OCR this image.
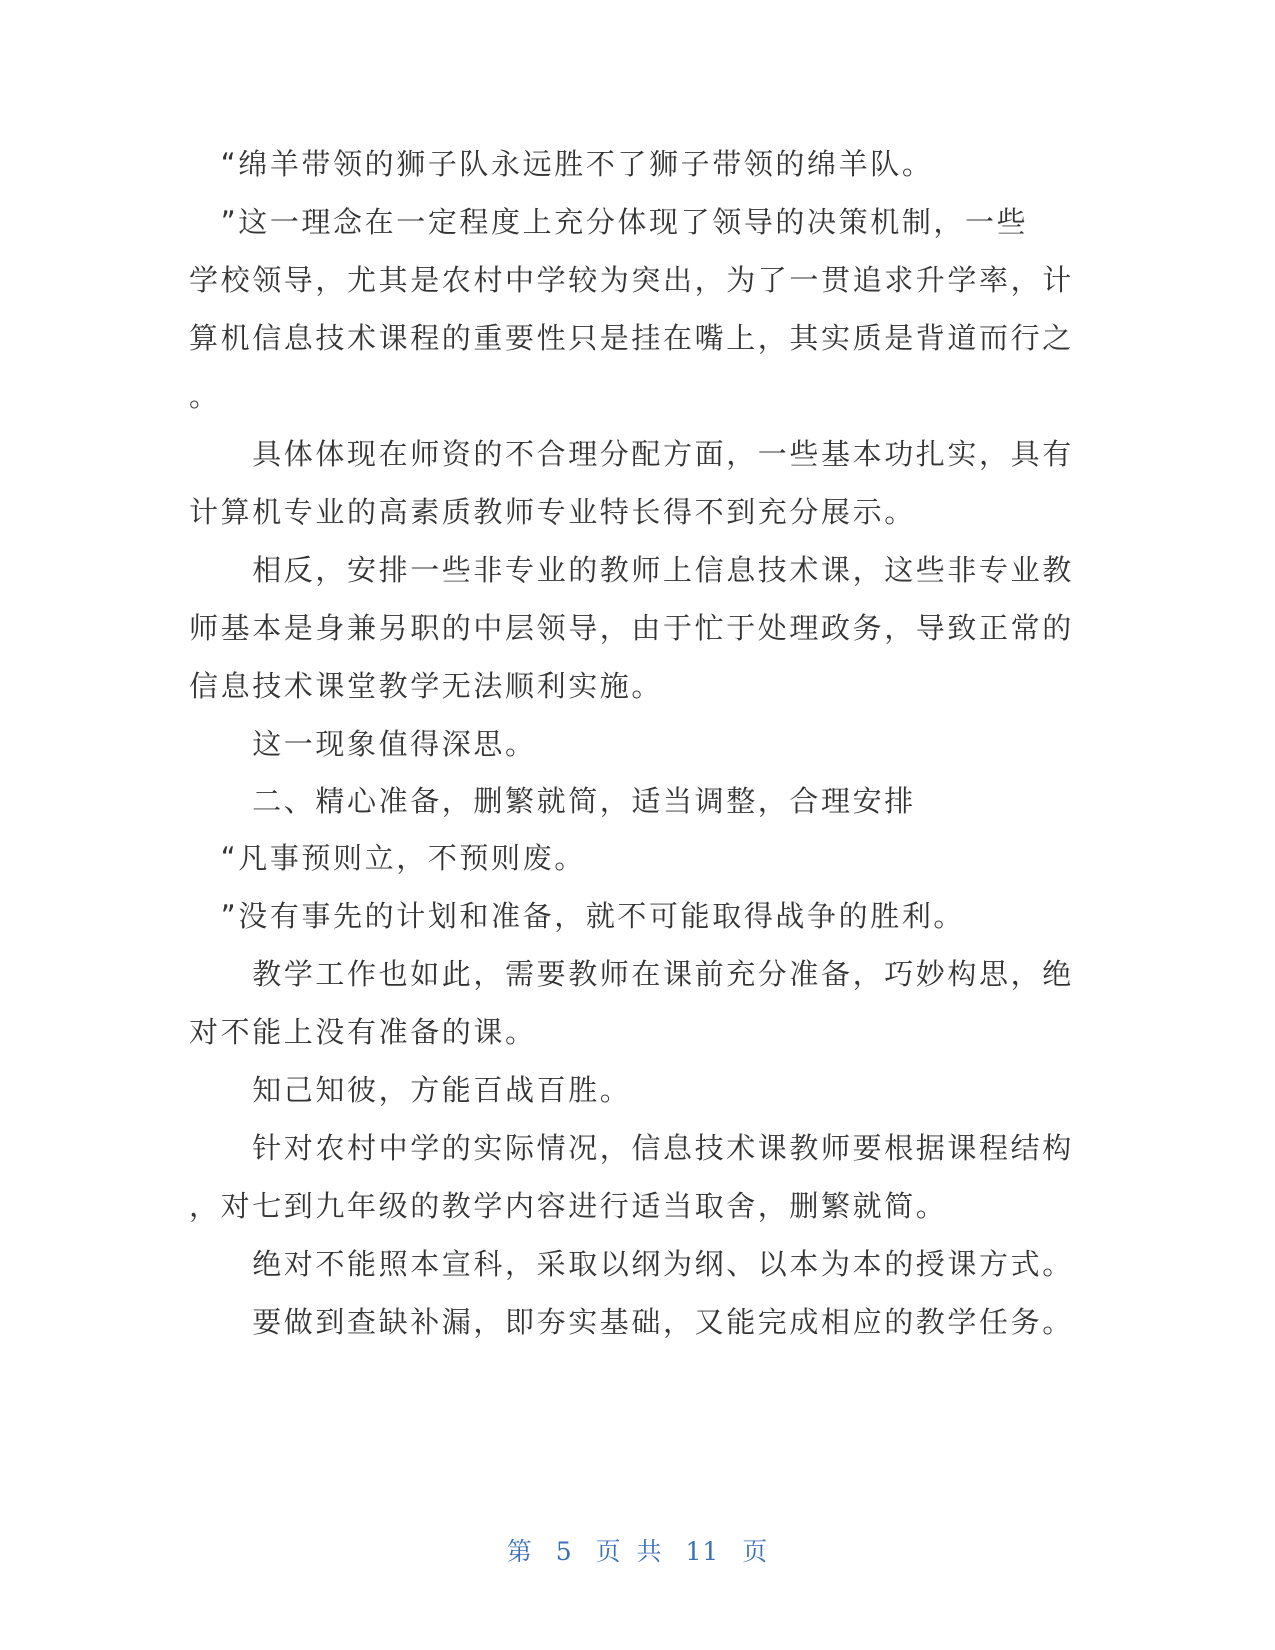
　“绵羊带领的狮子队永远胜不了狮子带领的绵羊队。
　”这一理念在一定程度上充分体现了领导的决策机制，一些
学校领导，尤其是农村中学较为突出，为了一贯追求升学率，计
算机信息技术课程的重要性只是挂在嘴上，其实质是背道而行之
。
　　具体体现在师资的不合理分配方面，一些基本功扎实，具有
计算机专业的高素质教师专业特长得不到充分展示。
　　相反，安排一些非专业的教师上信息技术课，这些非专业教
师基本是身兼另职的中层领导，由于忙于处理政务，导致正常的
信息技术课堂教学无法顺利实施。
　　这一现象值得深思。
　　二、精心准备，删繁就简，适当调整，合理安排
　“凡事预则立，不预则废。
　”没有事先的计划和准备，就不可能取得战争的胜利。
　　教学工作也如此，需要教师在课前充分准备，巧妙构思，绝
对不能上没有准备的课。
　　知己知彼，方能百战百胜。
　　针对农村中学的实际情况，信息技术课教师要根据课程结构
，对七到九年级的教学内容进行适当取舍，删繁就简。
　　绝对不能照本宣科，采取以纲为纲、以本为本的授课方式。
　　要做到查缺补漏，即夯实基础，又能完成相应的教学任务。
第 5 页 共 11 页
